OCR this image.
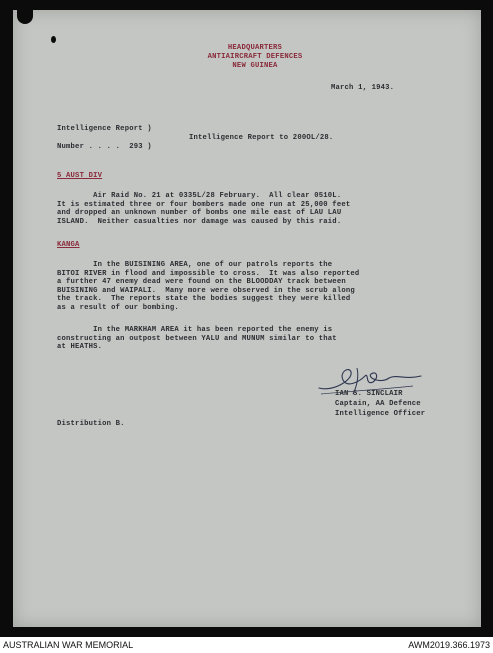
HEADQUARTERS
ANTIAIRCRAFT DEFENCES
NEW GUINEA
March 1, 1943.
Intelligence Report )
Number . . . .  293 )
Intelligence Report to 200OL/28.
5 AUST DIV
Air Raid No. 21 at 0335L/28 February.  All clear 0510L.
It is estimated three or four bombers made one run at 25,000 feet
and dropped an unknown number of bombs one mile east of LAU LAU
ISLAND.  Neither casualties nor damage was caused by this raid.
KANGA
In the BUISINING AREA, one of our patrols reports the
BITOI RIVER in flood and impossible to cross.  It was also reported
a further 47 enemy dead were found on the BLOODDAY track between
BUISINING and WAIPALI.  Many more were observed in the scrub along
the track.  The reports state the bodies suggest they were killed
as a result of our bombing.
In the MARKHAM AREA it has been reported the enemy is
constructing an outpost between YALU and MUNUM similar to that
at HEATHS.
IAN S. SINCLAIR
Captain, AA Defence
Intelligence Officer
Distribution B.
AUSTRALIAN WAR MEMORIAL	AWM2019.366.1973
